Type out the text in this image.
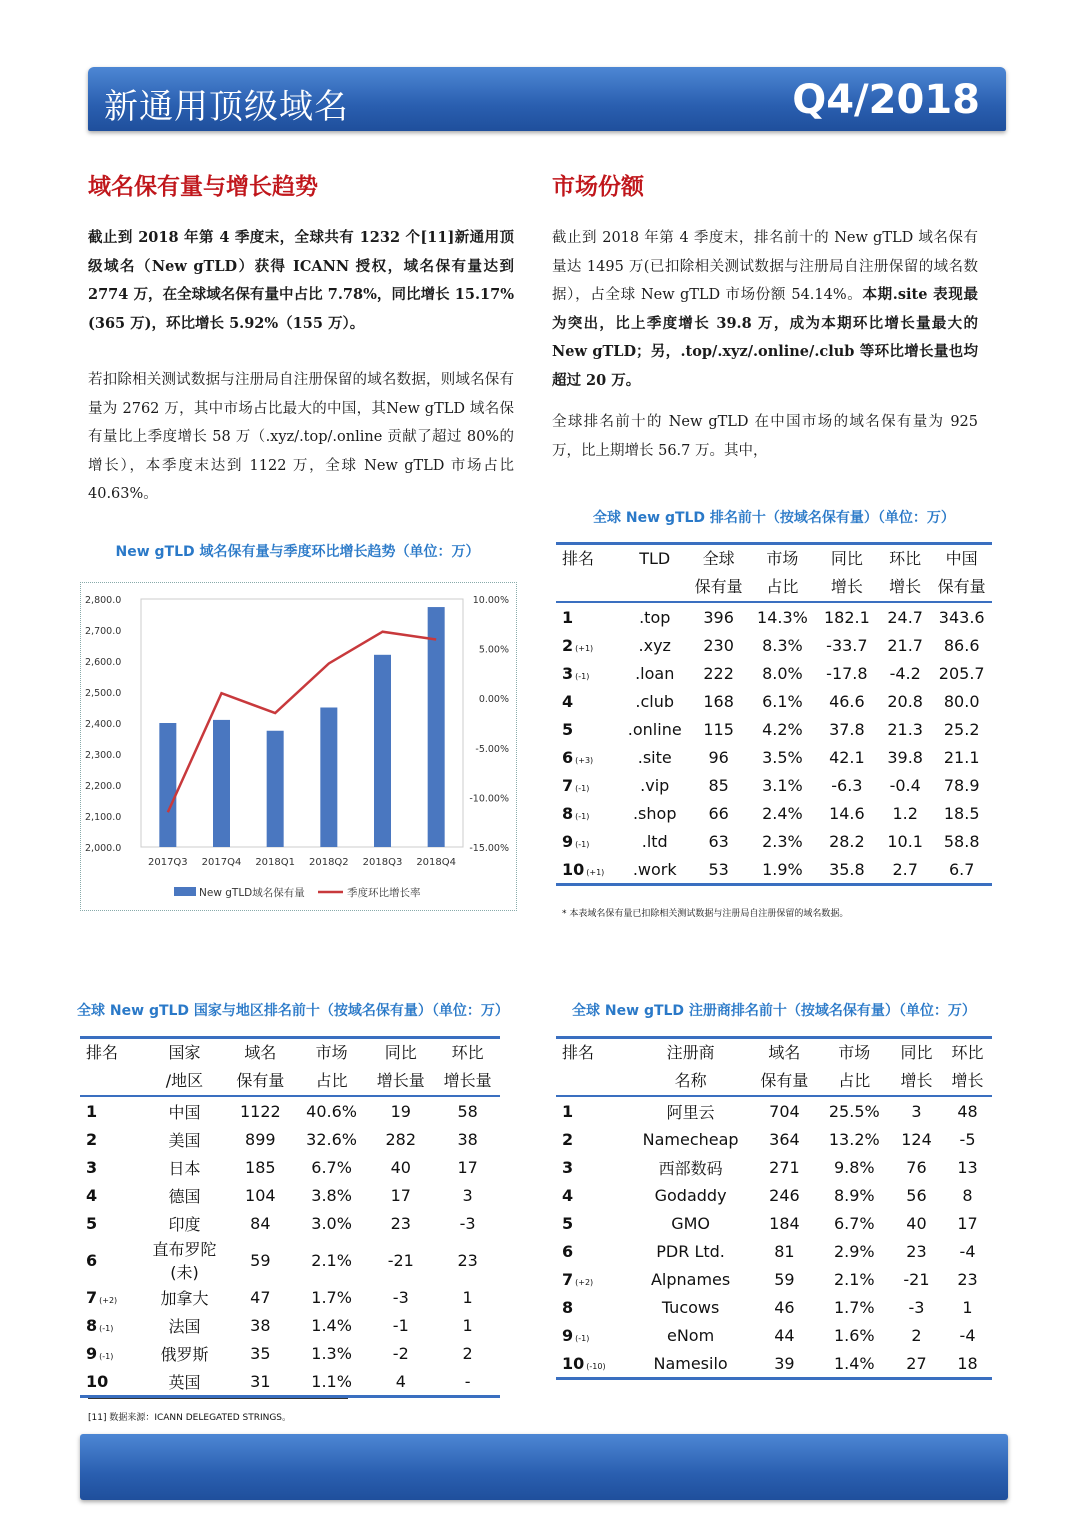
新通用顶级域名	Q4/2018
域名保有量与增长趋势
截止到 2018 年第 4 季度末，全球共有 1232 个[11]新通用顶级域名（New gTLD）获得 ICANN 授权，域名保有量达到 2774 万，在全球域名保有量中占比 7.78%，同比增长 15.17%(365 万)，环比增长 5.92%（155 万）。
若扣除相关测试数据与注册局自注册保留的域名数据，则域名保有量为 2762 万，其中市场占比最大的中国，其New gTLD 域名保有量比上季度增长 58 万（.xyz/.top/.online 贡献了超过 80%的增长），本季度末达到 1122 万，全球 New gTLD 市场占比 40.63%。
市场份额
截止到 2018 年第 4 季度末，排名前十的 New gTLD 域名保有量达 1495 万(已扣除相关测试数据与注册局自注册保留的域名数据），占全球 New gTLD 市场份额 54.14%。本期.site 表现最为突出，比上季度增长 39.8 万，成为本期环比增长量最大的 New gTLD；另，.top/.xyz/.online/.club 等环比增长量也均超过 20 万。
全球排名前十的 New gTLD 在中国市场的域名保有量为 925 万，比上期增长 56.7 万。其中，
New gTLD 域名保有量与季度环比增长趋势（单位：万）
2,000.0
2,100.0
2,200.0
2,300.0
2,400.0
2,500.0
2,600.0
2,700.0
2,800.0
-15.00%
-10.00%
-5.00%
0.00%
5.00%
10.00%
2017Q3 2017Q4 2018Q1 2018Q2 2018Q3 2018Q4
New gTLD域名保有量	季度环比增长率
全球 New gTLD 排名前十（按域名保有量）（单位：万）
排名	TLD	全球	市场	同比	环比	中国
		保有量	占比	增长	增长	保有量
1	.top	396	14.3%	182.1	24.7	343.6
2 (+1)	.xyz	230	8.3%	-33.7	21.7	86.6
3 (-1)	.loan	222	8.0%	-17.8	-4.2	205.7
4	.club	168	6.1%	46.6	20.8	80.0
5	.online	115	4.2%	37.8	21.3	25.2
6 (+3)	.site	96	3.5%	42.1	39.8	21.1
7 (-1)	.vip	85	3.1%	-6.3	-0.4	78.9
8 (-1)	.shop	66	2.4%	14.6	1.2	18.5
9 (-1)	.ltd	63	2.3%	28.2	10.1	58.8
10 (+1)	.work	53	1.9%	35.8	2.7	6.7
* 本表域名保有量已扣除相关测试数据与注册局自注册保留的域名数据。
全球 New gTLD 国家与地区排名前十（按域名保有量）（单位：万）
排名	国家	域名	市场	同比	环比
	/地区	保有量	占比	增长量	增长量
1	中国	1122	40.6%	19	58
2	美国	899	32.6%	282	38
3	日本	185	6.7%	40	17
4	德国	104	3.8%	17	3
5	印度	84	3.0%	23	-3
6	直布罗陀(未)	59	2.1%	-21	23
7 (+2)	加拿大	47	1.7%	-3	1
8 (-1)	法国	38	1.4%	-1	1
9 (-1)	俄罗斯	35	1.3%	-2	2
10	英国	31	1.1%	4	-
全球 New gTLD 注册商排名前十（按域名保有量）（单位：万）
排名	注册商	域名	市场	同比	环比
	名称	保有量	占比	增长	增长
1	阿里云	704	25.5%	3	48
2	Namecheap	364	13.2%	124	-5
3	西部数码	271	9.8%	76	13
4	Godaddy	246	8.9%	56	8
5	GMO	184	6.7%	40	17
6	PDR Ltd.	81	2.9%	23	-4
7 (+2)	Alpnames	59	2.1%	-21	23
8	Tucows	46	1.7%	-3	1
9 (-1)	eNom	44	1.6%	2	-4
10 (-10)	Namesilo	39	1.4%	27	18
[11] 数据来源：ICANN DELEGATED STRINGS。
